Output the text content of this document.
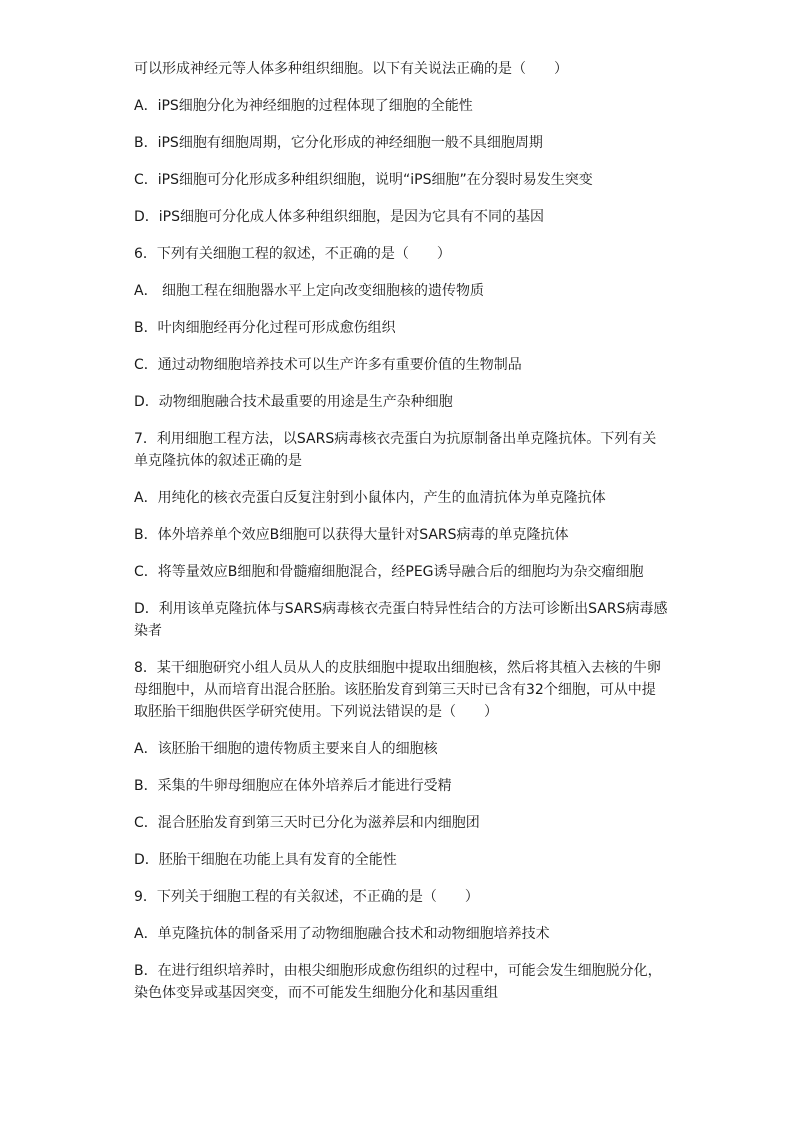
可以形成神经元等人体多种组织细胞。以下有关说法正确的是（　　）
A．iPS细胞分化为神经细胞的过程体现了细胞的全能性
B．iPS细胞有细胞周期，它分化形成的神经细胞一般不具细胞周期
C．iPS细胞可分化形成多种组织细胞，说明“iPS细胞”在分裂时易发生突变
D．iPS细胞可分化成人体多种组织细胞，是因为它具有不同的基因
6．下列有关细胞工程的叙述，不正确的是（　　）
A． 细胞工程在细胞器水平上定向改变细胞核的遗传物质
B．叶肉细胞经再分化过程可形成愈伤组织
C．通过动物细胞培养技术可以生产许多有重要价值的生物制品
D．动物细胞融合技术最重要的用途是生产杂种细胞
7．利用细胞工程方法，以SARS病毒核衣壳蛋白为抗原制备出单克隆抗体。下列有关单克隆抗体的叙述正确的是
A．用纯化的核衣壳蛋白反复注射到小鼠体内，产生的血清抗体为单克隆抗体
B．体外培养单个效应B细胞可以获得大量针对SARS病毒的单克隆抗体
C．将等量效应B细胞和骨髓瘤细胞混合，经PEG诱导融合后的细胞均为杂交瘤细胞
D．利用该单克隆抗体与SARS病毒核衣壳蛋白特异性结合的方法可诊断出SARS病毒感染者
8．某干细胞研究小组人员从人的皮肤细胞中提取出细胞核，然后将其植入去核的牛卵母细胞中，从而培育出混合胚胎。该胚胎发育到第三天时已含有32个细胞，可从中提取胚胎干细胞供医学研究使用。下列说法错误的是（　　）
A．该胚胎干细胞的遗传物质主要来自人的细胞核
B．采集的牛卵母细胞应在体外培养后才能进行受精
C．混合胚胎发育到第三天时已分化为滋养层和内细胞团
D．胚胎干细胞在功能上具有发育的全能性
9．下列关于细胞工程的有关叙述，不正确的是（　　）
A．单克隆抗体的制备采用了动物细胞融合技术和动物细胞培养技术
B．在进行组织培养时，由根尖细胞形成愈伤组织的过程中，可能会发生细胞脱分化，染色体变异或基因突变，而不可能发生细胞分化和基因重组
